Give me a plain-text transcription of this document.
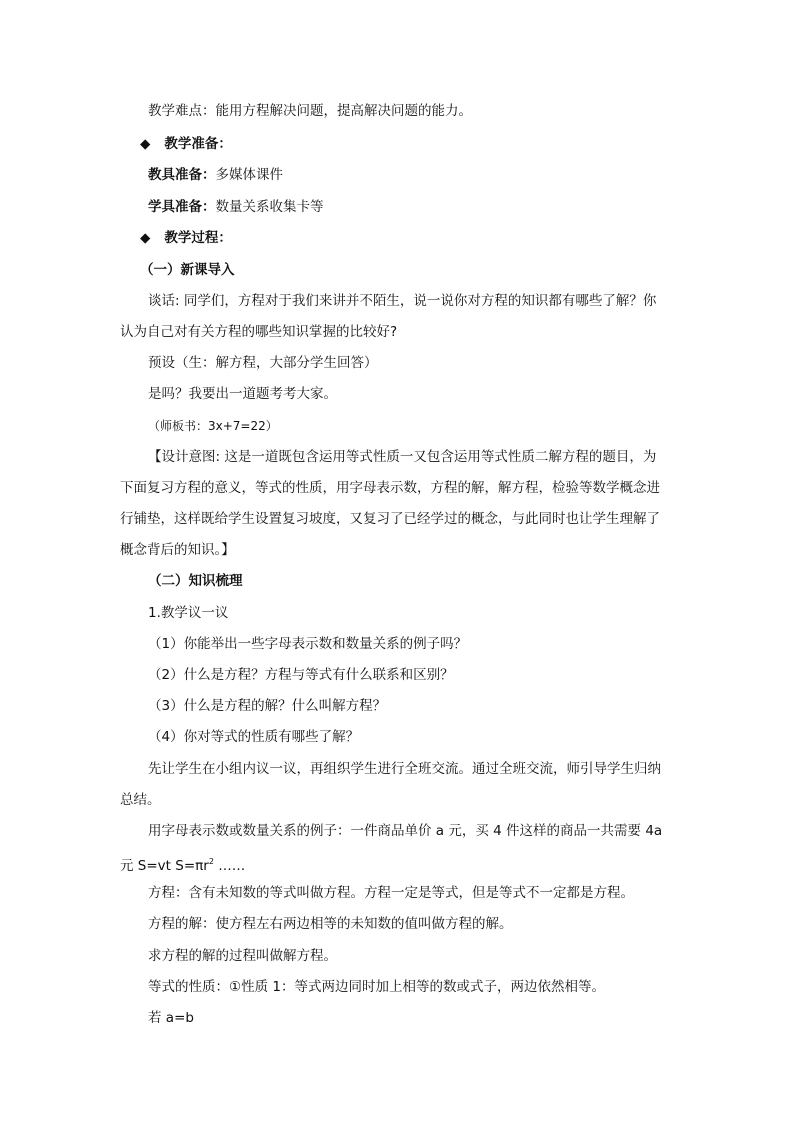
教学难点：能用方程解决问题，提高解决问题的能力。
◆ 教学准备：
教具准备：多媒体课件
学具准备：数量关系收集卡等
◆ 教学过程：
（一）新课导入
谈话: 同学们，方程对于我们来讲并不陌生，说一说你对方程的知识都有哪些了解？你
认为自己对有关方程的哪些知识掌握的比较好?
预设（生：解方程，大部分学生回答）
是吗？我要出一道题考考大家。
（师板书：3x+7=22）
【设计意图: 这是一道既包含运用等式性质一又包含运用等式性质二解方程的题目，为
下面复习方程的意义，等式的性质，用字母表示数，方程的解，解方程，检验等数学概念进
行铺垫，这样既给学生设置复习坡度，又复习了已经学过的概念，与此同时也让学生理解了
概念背后的知识。】
（二）知识梳理
1.教学议一议
（1）你能举出一些字母表示数和数量关系的例子吗？
（2）什么是方程？方程与等式有什么联系和区别？
（3）什么是方程的解？什么叫解方程？
（4）你对等式的性质有哪些了解？
先让学生在小组内议一议，再组织学生进行全班交流。通过全班交流，师引导学生归纳
总结。
用字母表示数或数量关系的例子：一件商品单价 a 元，买 4 件这样的商品一共需要 4a
元 S=vt $S=\pi r^2$ ……
方程：含有未知数的等式叫做方程。方程一定是等式，但是等式不一定都是方程。
方程的解：使方程左右两边相等的未知数的值叫做方程的解。
求方程的解的过程叫做解方程。
等式的性质：①性质 1：等式两边同时加上相等的数或式子，两边依然相等。
若 a=b
